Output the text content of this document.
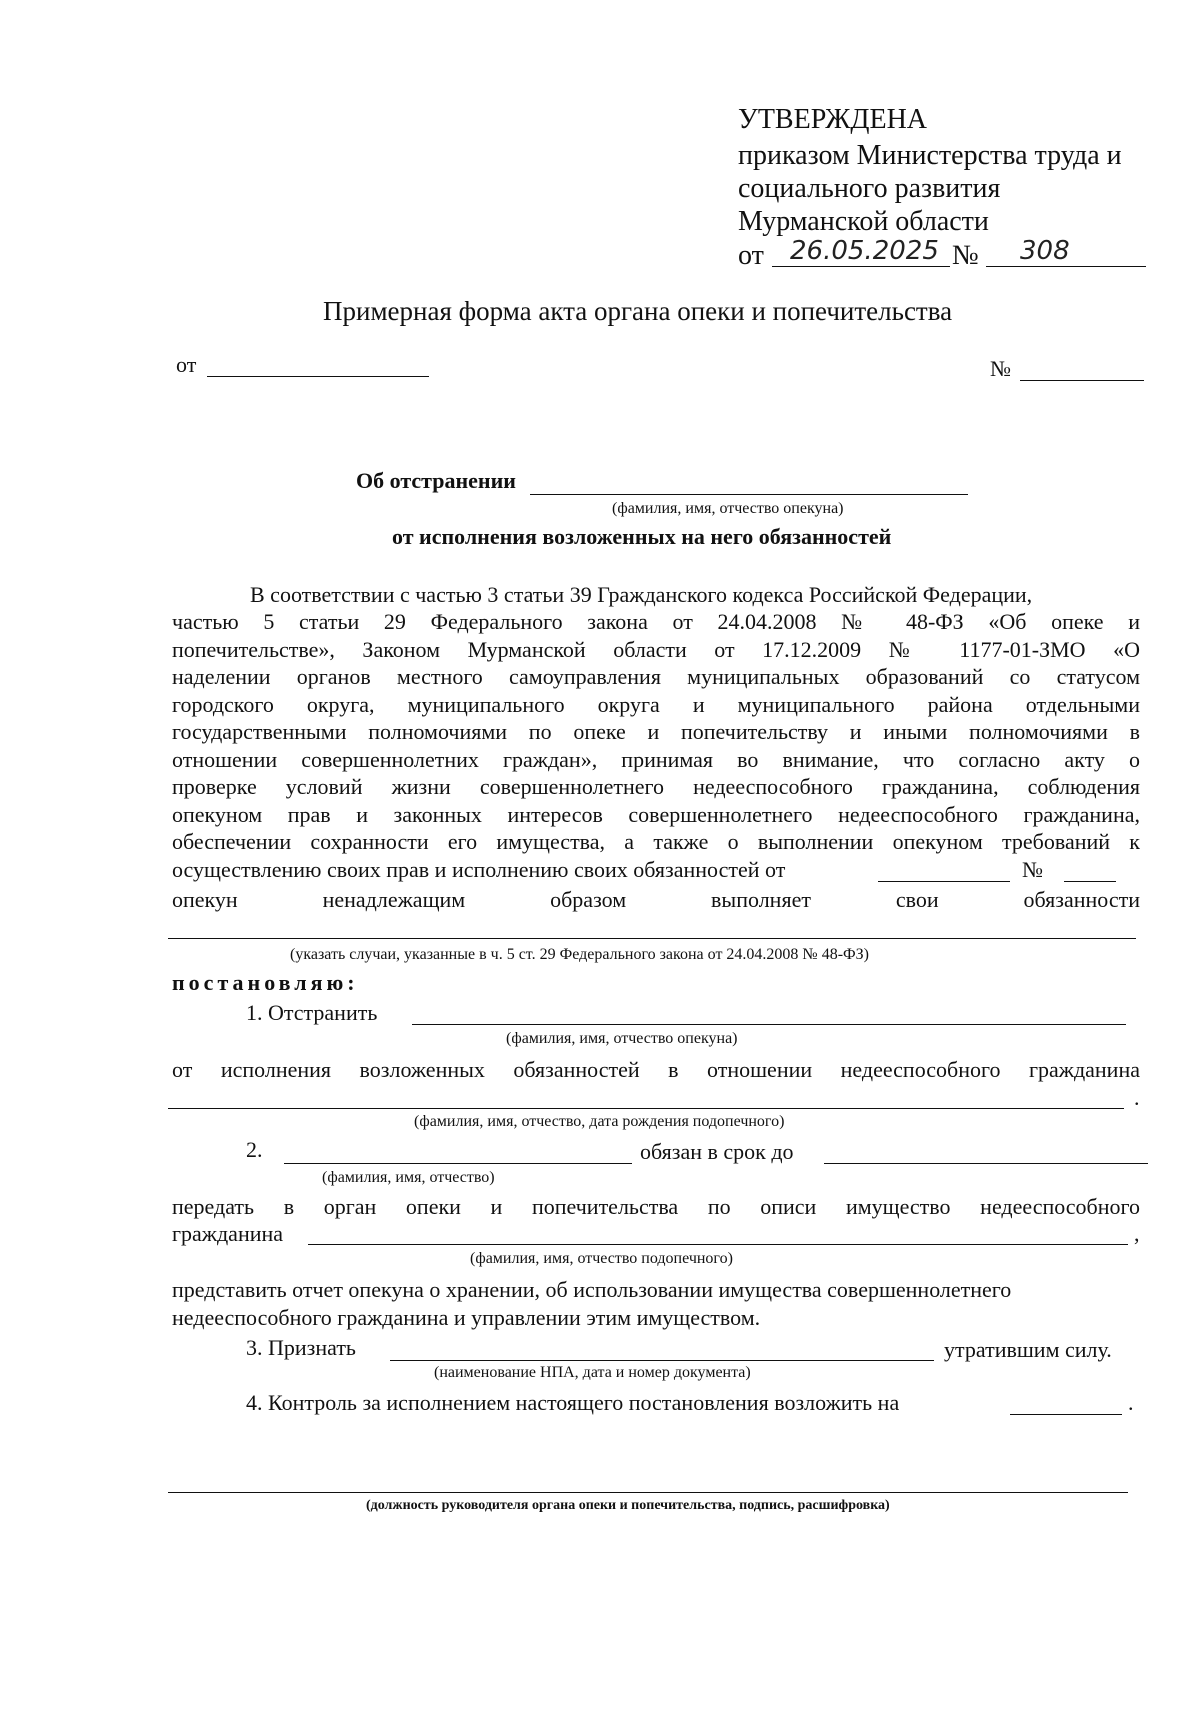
УТВЕРЖДЕНА
приказом Министерства труда и
социального развития
Мурманской области
от 26.05.2025 № 308
Примерная форма акта органа опеки и попечительства
от	№
Об отстранении
(фамилия, имя, отчество опекуна)
от исполнения возложенных на него обязанностей
В соответствии с частью 3 статьи 39 Гражданского кодекса Российской Федерации,
частью 5 статьи 29 Федерального закона от 24.04.2008 № 48-ФЗ «Об опеке и
попечительстве», Законом Мурманской области от 17.12.2009 № 1177-01-ЗМО «О
наделении органов местного самоуправления муниципальных образований со статусом
городского округа, муниципального округа и муниципального района отдельными
государственными полномочиями по опеке и попечительству и иными полномочиями в
отношении совершеннолетних граждан», принимая во внимание, что согласно акту о
проверке условий жизни совершеннолетнего недееспособного гражданина, соблюдения
опекуном прав и законных интересов совершеннолетнего недееспособного гражданина,
обеспечении сохранности его имущества, а также о выполнении опекуном требований к
осуществлению своих прав и исполнению своих обязанностей от	№
опекун ненадлежащим образом выполняет свои обязанности
(указать случаи, указанные в ч. 5 ст. 29 Федерального закона от 24.04.2008 № 48-ФЗ)
постановляю:
1. Отстранить
(фамилия, имя, отчество опекуна)
от исполнения возложенных обязанностей в отношении недееспособного гражданина
.
(фамилия, имя, отчество, дата рождения подопечного)
2.	обязан в срок до
(фамилия, имя, отчество)
передать в орган опеки и попечительства по описи имущество недееспособного
гражданина	,
(фамилия, имя, отчество подопечного)
представить отчет опекуна о хранении, об использовании имущества совершеннолетнего
недееспособного гражданина и управлении этим имуществом.
3. Признать	утратившим силу.
(наименование НПА, дата и номер документа)
4. Контроль за исполнением настоящего постановления возложить на	.
(должность руководителя органа опеки и попечительства, подпись, расшифровка)
